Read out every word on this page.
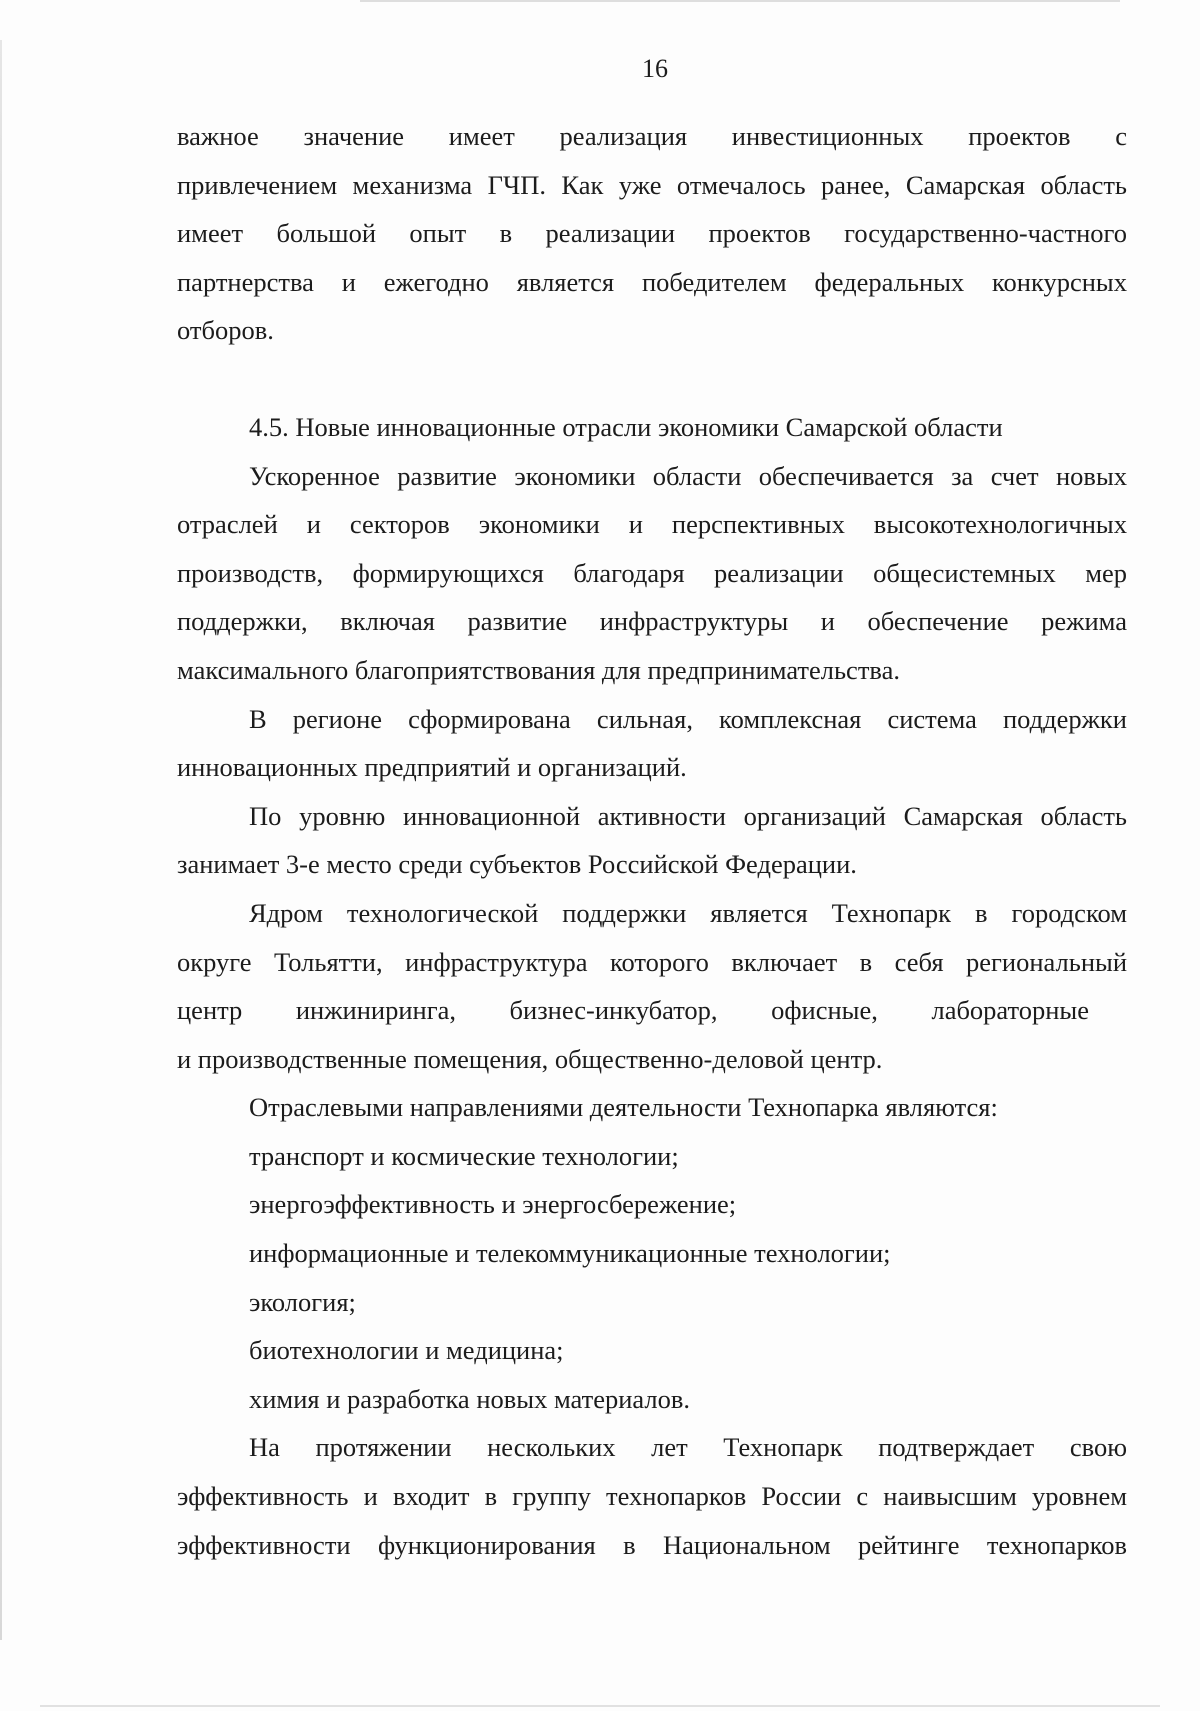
16

важное значение имеет реализация инвестиционных проектов с

привлечением механизма ГЧП. Как уже отмечалось ранее, Самарская область

имеет большой опыт в реализации проектов государственно-частного

партнерства и ежегодно является победителем федеральных конкурсных

отборов.

4.5. Новые инновационные отрасли экономики Самарской области

Ускоренное развитие экономики области обеспечивается за счет новых

отраслей и секторов экономики и перспективных высокотехнологичных

производств, формирующихся благодаря реализации общесистемных мер

поддержки, включая развитие инфраструктуры и обеспечение режима

максимального благоприятствования для предпринимательства.

В регионе сформирована сильная, комплексная система поддержки

инновационных предприятий и организаций.

По уровню инновационной активности организаций Самарская область

занимает 3-е место среди субъектов Российской Федерации.

Ядром технологической поддержки является Технопарк в городском

округе Тольятти, инфраструктура которого включает в себя региональный

центр инжиниринга, бизнес-инкубатор, офисные, лабораторные

и производственные помещения, общественно-деловой центр.

Отраслевыми направлениями деятельности Технопарка являются:

транспорт и космические технологии;

энергоэффективность и энергосбережение;

информационные и телекоммуникационные технологии;

экология;

биотехнологии и медицина;

химия и разработка новых материалов.

На протяжении нескольких лет Технопарк подтверждает свою

эффективность и входит в группу технопарков России с наивысшим уровнем

эффективности функционирования в Национальном рейтинге технопарков
